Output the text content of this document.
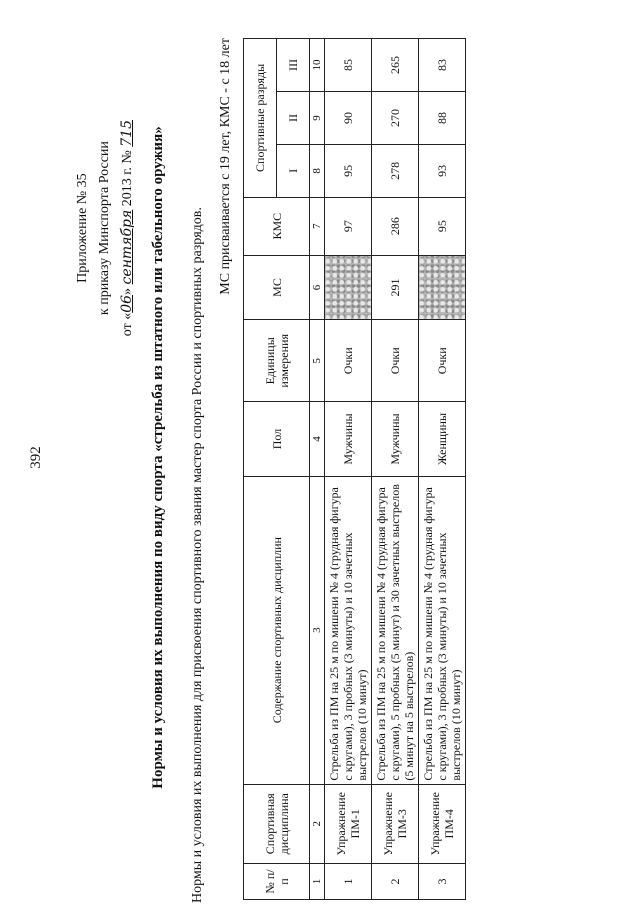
392
Приложение № 35 к приказу Минспорта России
от «06» сентября 2013 г. № 715 Нормы и условия их выполнения по виду спорта «стрельба из штатного или табельного оружия» Нормы и условия их выполнения для присвоения спортивного звания мастер спорта России и спортивных разрядов.
МС присваивается с 19 лет, КМС - с 18 лет
№ п/п	Спортивная дисциплина	Содержание спортивных дисциплин	Пол	Единицы измерения	МС	КМС	Спортивные разряды		
							I	II	III
1	2	3	4	5	6	7	8	9	10
1	Упражнение ПМ-1	Стрельба из ПМ на 25 м по мишени № 4 (грудная фигура с кругами), 3 пробных (3 минуты) и 10 зачетных выстрелов (10 минут)	Мужчины	Очки		97	95	90	85
2	Упражнение ПМ-3	Стрельба из ПМ на 25 м по мишени № 4 (грудная фигура с кругами), 5 пробных (5 минут) и 30 зачетных выстрелов (5 минут на 5 выстрелов)	Мужчины	Очки	291	286	278	270	265
3	Упражнение ПМ-4	Стрельба из ПМ на 25 м по мишени № 4 (грудная фигура с кругами), 3 пробных (3 минуты) и 10 зачетных выстрелов (10 минут)	Женщины	Очки		95	93	88	83
